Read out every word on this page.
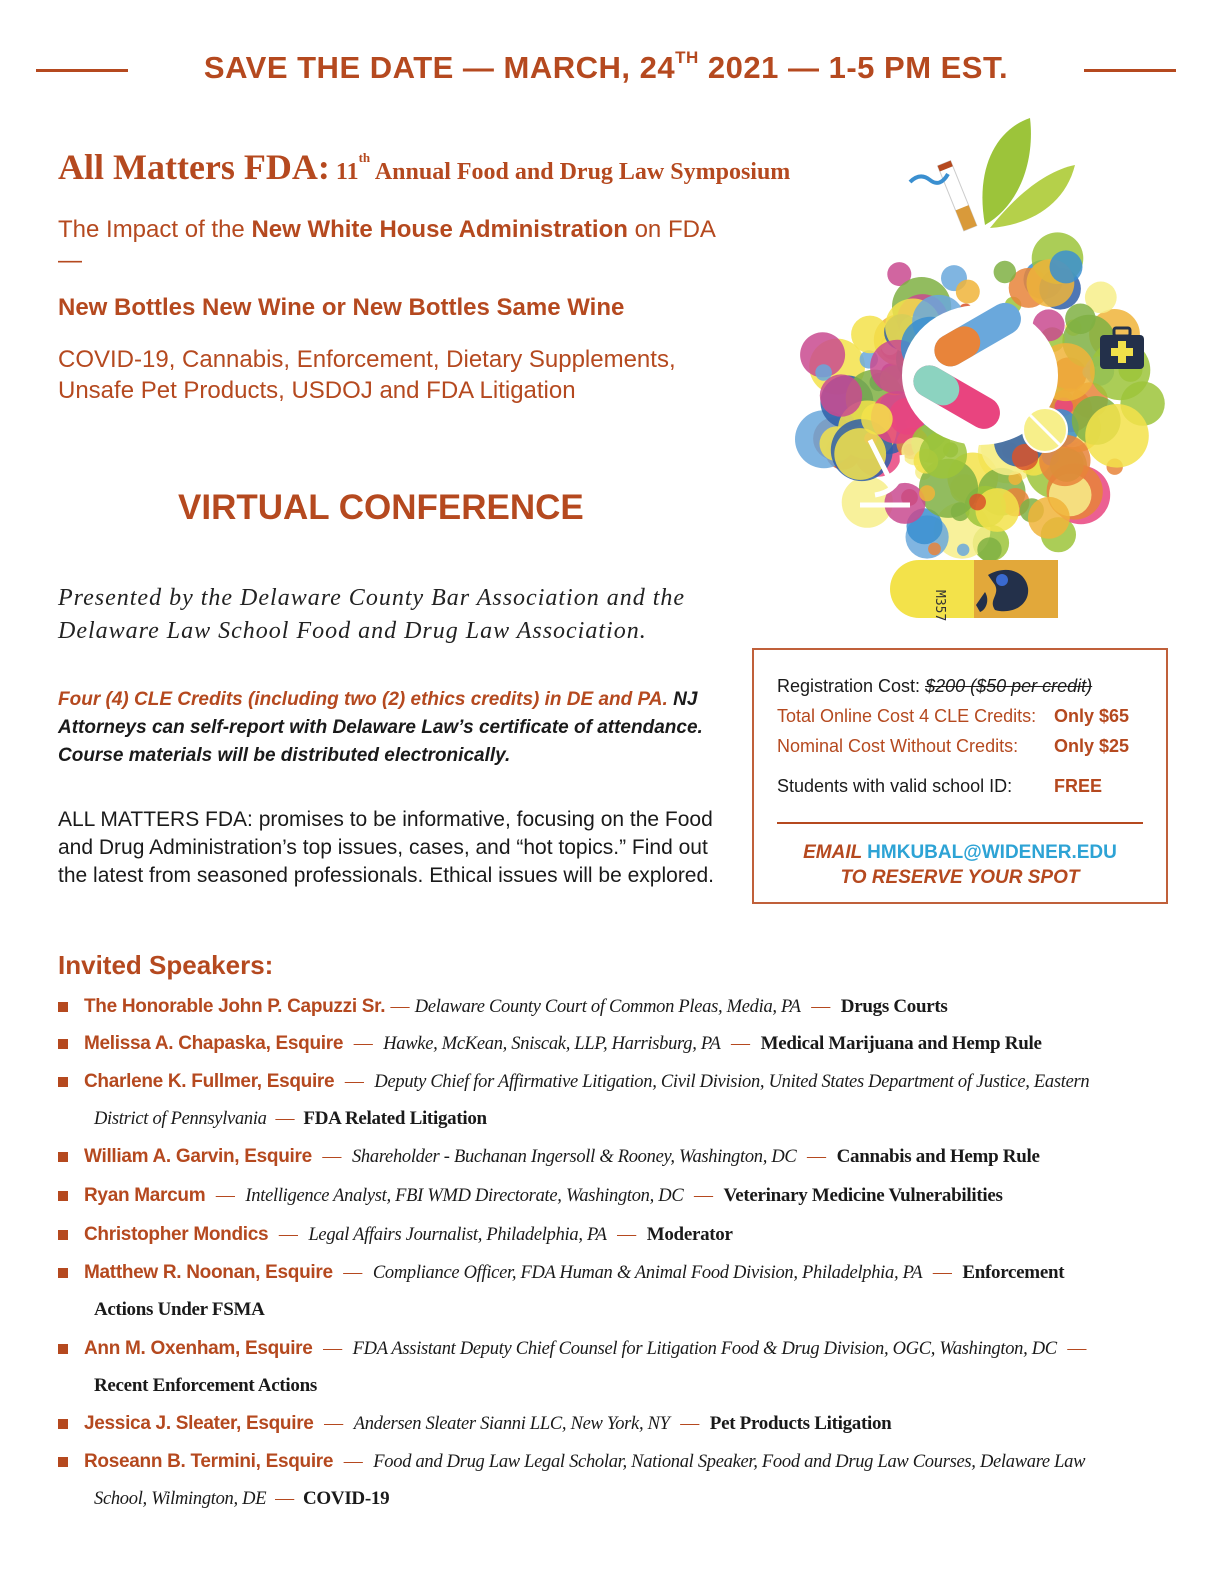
SAVE THE DATE — MARCH, 24TH 2021 — 1-5 PM EST.
All Matters FDA: 11th Annual Food and Drug Law Symposium
The Impact of the New White House Administration on FDA —
New Bottles New Wine or New Bottles Same Wine
COVID-19, Cannabis, Enforcement, Dietary Supplements, Unsafe Pet Products, USDOJ and FDA Litigation
VIRTUAL CONFERENCE
Presented by the Delaware County Bar Association and the Delaware Law School Food and Drug Law Association.
Four (4) CLE Credits (including two (2) ethics credits) in DE and PA. NJ Attorneys can self-report with Delaware Law’s certificate of attendance. Course materials will be distributed electronically.
ALL MATTERS FDA: promises to be informative, focusing on the Food and Drug Administration’s top issues, cases, and “hot topics.” Find out the latest from seasoned professionals. Ethical issues will be explored.
M357
Registration Cost: $200 ($50 per credit)
Total Online Cost 4 CLE Credits: Only $65
Nominal Cost Without Credits: Only $25
Students with valid school ID: FREE
EMAIL HMKUBAL@WIDENER.EDU
TO RESERVE YOUR SPOT
Invited Speakers:
The Honorable John P. Capuzzi Sr. — Delaware County Court of Common Pleas, Media, PA — Drugs Courts
Melissa A. Chapaska, Esquire — Hawke, McKean, Sniscak, LLP, Harrisburg, PA — Medical Marijuana and Hemp Rule
Charlene K. Fullmer, Esquire — Deputy Chief for Affirmative Litigation, Civil Division, United States Department of Justice, Eastern
District of Pennsylvania — FDA Related Litigation
William A. Garvin, Esquire — Shareholder - Buchanan Ingersoll & Rooney, Washington, DC — Cannabis and Hemp Rule
Ryan Marcum — Intelligence Analyst, FBI WMD Directorate, Washington, DC — Veterinary Medicine Vulnerabilities
Christopher Mondics — Legal Affairs Journalist, Philadelphia, PA — Moderator
Matthew R. Noonan, Esquire — Compliance Officer, FDA Human & Animal Food Division, Philadelphia, PA — Enforcement
Actions Under FSMA
Ann M. Oxenham, Esquire — FDA Assistant Deputy Chief Counsel for Litigation Food & Drug Division, OGC, Washington, DC —
Recent Enforcement Actions
Jessica J. Sleater, Esquire — Andersen Sleater Sianni LLC, New York, NY — Pet Products Litigation
Roseann B. Termini, Esquire — Food and Drug Law Legal Scholar, National Speaker, Food and Drug Law Courses, Delaware Law
School, Wilmington, DE — COVID-19
